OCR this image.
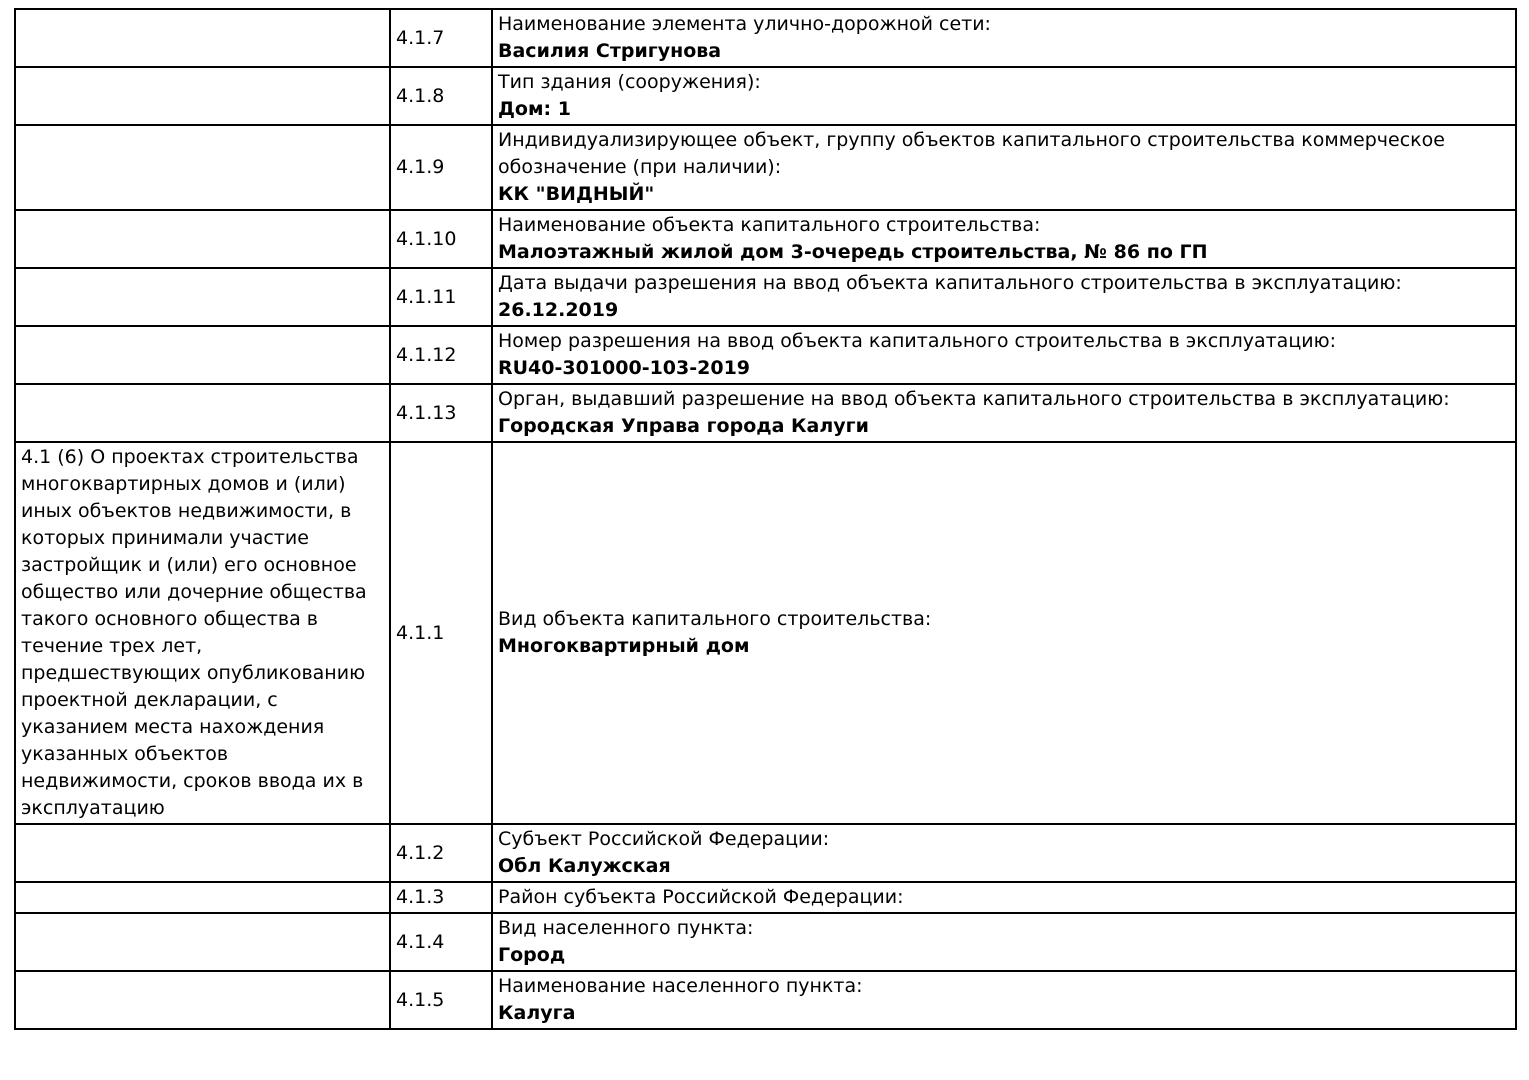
	4.1.7	Наименование элемента улично-дорожной сети:
Василия Стригунова

	4.1.8	Тип здания (сооружения):
Дом: 1

	4.1.9	Индивидуализирующее объект, группу объектов капитального строительства коммерческое обозначение (при наличии):
КК "ВИДНЫЙ"

	4.1.10	Наименование объекта капитального строительства:
Малоэтажный жилой дом 3-очередь строительства, № 86 по ГП

	4.1.11	Дата выдачи разрешения на ввод объекта капитального строительства в эксплуатацию:
26.12.2019

	4.1.12	Номер разрешения на ввод объекта капитального строительства в эксплуатацию:
RU40-301000-103-2019

	4.1.13	Орган, выдавший разрешение на ввод объекта капитального строительства в эксплуатацию:
Городская Управа города Калуги

4.1 (6) О проектах строительства многоквартирных домов и (или) иных объектов недвижимости, в которых принимали участие застройщик и (или) его основное общество или дочерние общества такого основного общества в течение трех лет, предшествующих опубликованию проектной декларации, с указанием места нахождения указанных объектов недвижимости, сроков ввода их в эксплуатацию	4.1.1	Вид объекта капитального строительства:
Многоквартирный дом

	4.1.2	Субъект Российской Федерации:
Обл Калужская

	4.1.3	Район субъекта Российской Федерации:

	4.1.4	Вид населенного пункта:
Город

	4.1.5	Наименование населенного пункта:
Калуга
